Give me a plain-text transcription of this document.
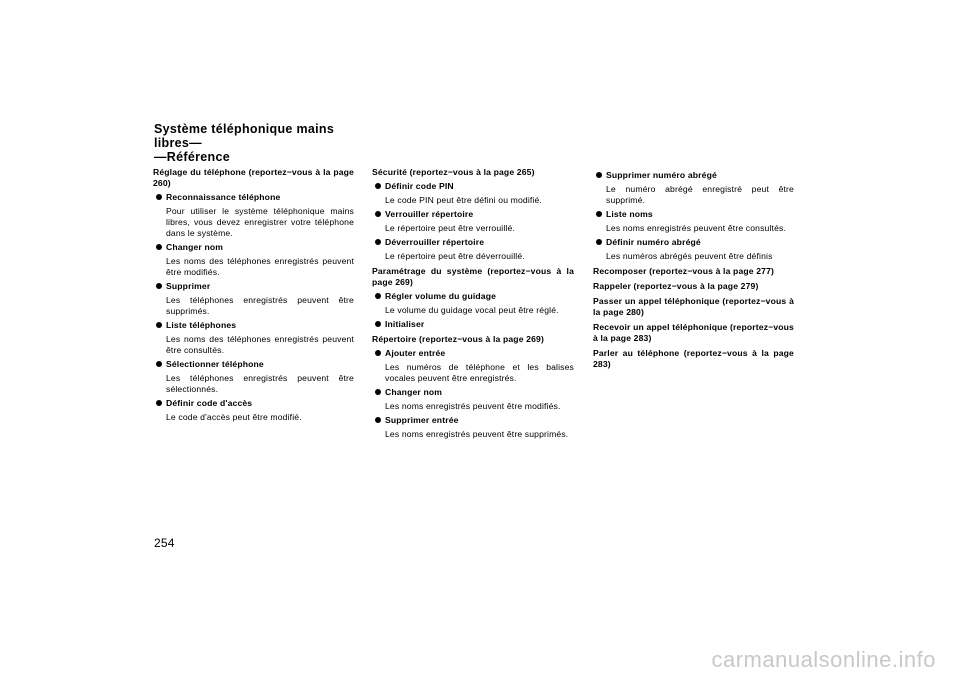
Système téléphonique mains
libres—
—Référence
Réglage du téléphone (reportez−vous à la page 260)
Reconnaissance téléphone
Pour utiliser le système téléphonique mains libres, vous devez enregistrer votre téléphone dans le système.
Changer nom
Les noms des téléphones enregistrés peuvent être modifiés.
Supprimer
Les téléphones enregistrés peuvent être supprimés.
Liste téléphones
Les noms des téléphones enregistrés peuvent être consultés.
Sélectionner téléphone
Les téléphones enregistrés peuvent être sélectionnés.
Définir code d'accès
Le code d'accès peut être modifié.
Sécurité (reportez−vous à la page 265)
Définir code PIN
Le code PIN peut être défini ou modifié.
Verrouiller répertoire
Le répertoire peut être verrouillé.
Déverrouiller répertoire
Le répertoire peut être déverrouillé.
Paramétrage du système (reportez−vous à la page 269)
Régler volume du guidage
Le volume du guidage vocal peut être réglé.
Initialiser
Répertoire (reportez−vous à la page 269)
Ajouter entrée
Les numéros de téléphone et les balises vocales peuvent être enregistrés.
Changer nom
Les noms enregistrés peuvent être modifiés.
Supprimer entrée
Les noms enregistrés peuvent être supprimés.
Supprimer numéro abrégé
Le numéro abrégé enregistré peut être supprimé.
Liste noms
Les noms enregistrés peuvent être consultés.
Définir numéro abrégé
Les numéros abrégés peuvent être définis
Recomposer (reportez−vous à la page 277)
Rappeler (reportez−vous à la page 279)
Passer un appel téléphonique (reportez−vous à la page 280)
Recevoir un appel téléphonique (reportez−vous à la page 283)
Parler au téléphone (reportez−vous à la page 283)
254
carmanualsonline.info
